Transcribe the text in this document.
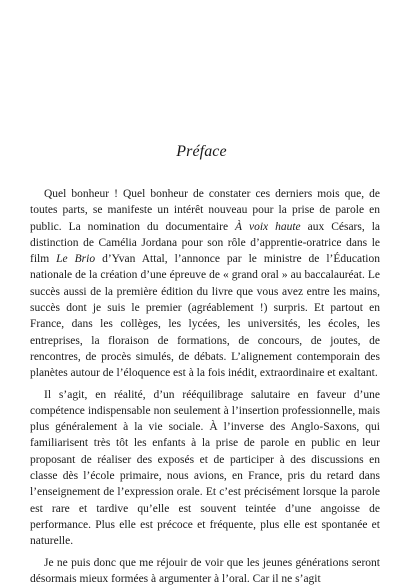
Préface

Quel bonheur ! Quel bonheur de constater ces derniers mois que, de toutes parts, se manifeste un intérêt nouveau pour la prise de parole en public. La nomination du documentaire À voix haute aux Césars, la distinction de Camélia Jordana pour son rôle d’apprentie-oratrice dans le film Le Brio d’Yvan Attal, l’annonce par le ministre de l’Éducation nationale de la création d’une épreuve de « grand oral » au baccalauréat. Le succès aussi de la première édition du livre que vous avez entre les mains, succès dont je suis le premier (agréablement !) surpris. Et partout en France, dans les collèges, les lycées, les universités, les écoles, les entreprises, la floraison de formations, de concours, de joutes, de rencontres, de procès simulés, de débats. L’alignement contemporain des planètes autour de l’éloquence est à la fois inédit, extraordinaire et exaltant.

Il s’agit, en réalité, d’un rééquilibrage salutaire en faveur d’une compétence indispensable non seulement à l’insertion professionnelle, mais plus généralement à la vie sociale. À l’inverse des Anglo-Saxons, qui familiarisent très tôt les enfants à la prise de parole en public en leur proposant de réaliser des exposés et de participer à des discussions en classe dès l’école primaire, nous avions, en France, pris du retard dans l’enseignement de l’expression orale. Et c’est précisément lorsque la parole est rare et tardive qu’elle est souvent teintée d’une angoisse de performance. Plus elle est précoce et fréquente, plus elle est spontanée et naturelle.

Je ne puis donc que me réjouir de voir que les jeunes générations seront désormais mieux formées à argumenter à l’oral. Car il ne s’agit
